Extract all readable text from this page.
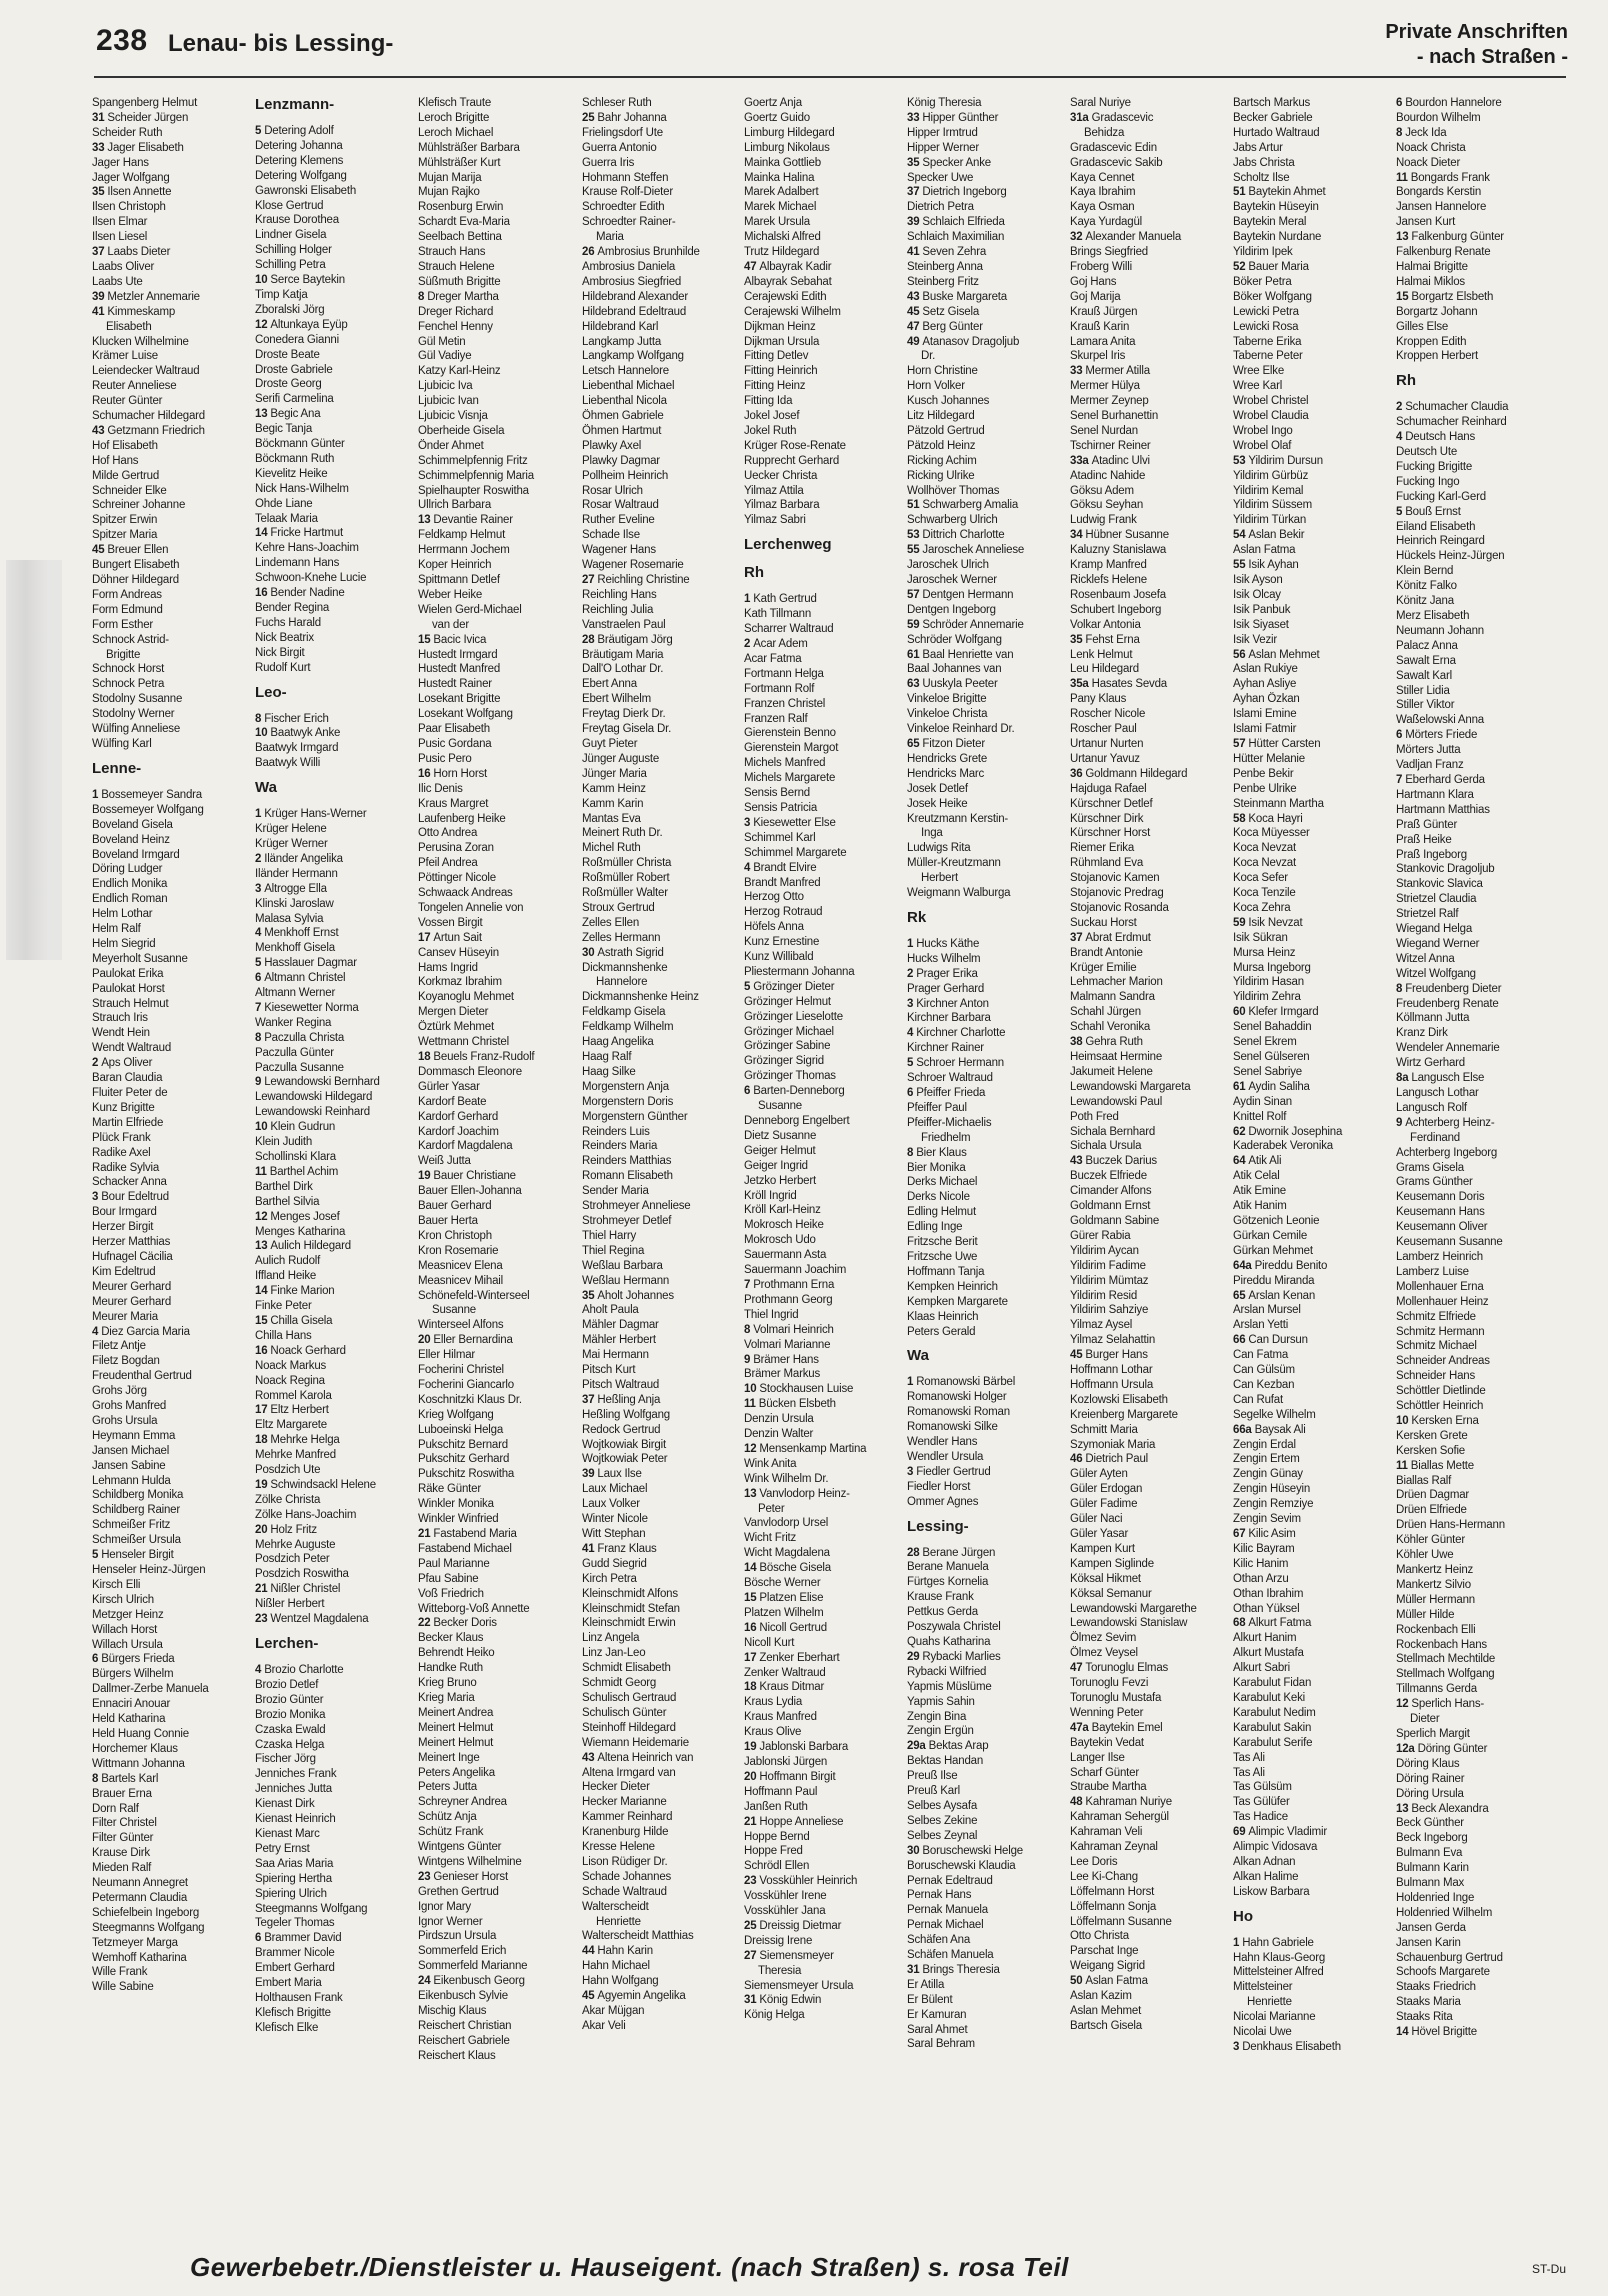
238 Lenau- bis Lessing-	Private Anschriften
- nach Straßen -
Spangenberg Helmut
31 Scheider Jürgen
Scheider Ruth
33 Jager Elisabeth
Jager Hans
Jager Wolfgang
35 Ilsen Annette
Ilsen Christoph
Ilsen Elmar
Ilsen Liesel
37 Laabs Dieter
Laabs Oliver
Laabs Ute
39 Metzler Annemarie
41 Kimmeskamp
Elisabeth
Klucken Wilhelmine
Krämer Luise
Leiendecker Waltraud
Reuter Anneliese
Reuter Günter
Schumacher Hildegard
43 Getzmann Friedrich
Hof Elisabeth
Hof Hans
Milde Gertrud
Schneider Elke
Schreiner Johanne
Spitzer Erwin
Spitzer Maria
45 Breuer Ellen
Bungert Elisabeth
Döhner Hildegard
Form Andreas
Form Edmund
Form Esther
Schnock Astrid-
Brigitte
Schnock Horst
Schnock Petra
Stodolny Susanne
Stodolny Werner
Wülfing Anneliese
Wülfing Karl
Lenne-
1 Bossemeyer Sandra
Bossemeyer Wolfgang
Boveland Gisela
Boveland Heinz
Boveland Irmgard
Döring Ludger
Endlich Monika
Endlich Roman
Helm Lothar
Helm Ralf
Helm Siegrid
Meyerholt Susanne
Paulokat Erika
Paulokat Horst
Strauch Helmut
Strauch Iris
Wendt Hein
Wendt Waltraud
2 Aps Oliver
Baran Claudia
Fluiter Peter de
Kunz Brigitte
Martin Elfriede
Plück Frank
Radike Axel
Radike Sylvia
Schacker Anna
3 Bour Edeltrud
Bour Irmgard
Herzer Birgit
Herzer Matthias
Hufnagel Cäcilia
Kim Edeltrud
Meurer Gerhard
Meurer Gerhard
Meurer Maria
4 Diez Garcia Maria
Filetz Antje
Filetz Bogdan
Freudenthal Gertrud
Grohs Jörg
Grohs Manfred
Grohs Ursula
Heymann Emma
Jansen Michael
Jansen Sabine
Lehmann Hulda
Schildberg Monika
Schildberg Rainer
Schmeißer Fritz
Schmeißer Ursula
5 Henseler Birgit
Henseler Heinz-Jürgen
Kirsch Elli
Kirsch Ulrich
Metzger Heinz
Willach Horst
Willach Ursula
6 Bürgers Frieda
Bürgers Wilhelm
Dallmer-Zerbe Manuela
Ennaciri Anouar
Held Katharina
Held Huang Connie
Horchemer Klaus
Wittmann Johanna
8 Bartels Karl
Brauer Erna
Dorn Ralf
Filter Christel
Filter Günter
Krause Dirk
Mieden Ralf
Neumann Annegret
Petermann Claudia
Schiefelbein Ingeborg
Steegmanns Wolfgang
Tetzmeyer Marga
Wemhoff Katharina
Wille Frank
Wille Sabine
Lenzmann-
5 Detering Adolf
Detering Johanna
Detering Klemens
Detering Wolfgang
Gawronski Elisabeth
Klose Gertrud
Krause Dorothea
Lindner Gisela
Schilling Holger
Schilling Petra
10 Serce Baytekin
Timp Katja
Zboralski Jörg
12 Altunkaya Eyüp
Conedera Gianni
Droste Beate
Droste Gabriele
Droste Georg
Serifi Carmelina
13 Begic Ana
Begic Tanja
Böckmann Günter
Böckmann Ruth
Kievelitz Heike
Nick Hans-Wilhelm
Ohde Liane
Telaak Maria
14 Fricke Hartmut
Kehre Hans-Joachim
Lindemann Hans
Schwoon-Knehe Lucie
16 Bender Nadine
Bender Regina
Fuchs Harald
Nick Beatrix
Nick Birgit
Rudolf Kurt
Leo-
8 Fischer Erich
10 Baatwyk Anke
Baatwyk Irmgard
Baatwyk Willi
Wa
1 Krüger Hans-Werner
Krüger Helene
Krüger Werner
2 Iländer Angelika
Iländer Hermann
3 Altrogge Ella
Klinski Jaroslaw
Malasa Sylvia
4 Menkhoff Ernst
Menkhoff Gisela
5 Hasslauer Dagmar
6 Altmann Christel
Altmann Werner
7 Kiesewetter Norma
Wanker Regina
8 Paczulla Christa
Paczulla Günter
Paczulla Susanne
9 Lewandowski Bernhard
Lewandowski Hildegard
Lewandowski Reinhard
10 Klein Gudrun
Klein Judith
Schollinski Klara
11 Barthel Achim
Barthel Dirk
Barthel Silvia
12 Menges Josef
Menges Katharina
13 Aulich Hildegard
Aulich Rudolf
Iffland Heike
14 Finke Marion
Finke Peter
15 Chilla Gisela
Chilla Hans
16 Noack Gerhard
Noack Markus
Noack Regina
Rommel Karola
17 Eltz Herbert
Eltz Margarete
18 Mehrke Helga
Mehrke Manfred
Posdzich Ute
19 Schwindsackl Helene
Zölke Christa
Zölke Hans-Joachim
20 Holz Fritz
Mehrke Auguste
Posdzich Peter
Posdzich Roswitha
21 Nißler Christel
Nißler Herbert
23 Wentzel Magdalena
Lerchen-
4 Brozio Charlotte
Brozio Detlef
Brozio Günter
Brozio Monika
Czaska Ewald
Czaska Helga
Fischer Jörg
Jenniches Frank
Jenniches Jutta
Kienast Dirk
Kienast Heinrich
Kienast Marc
Petry Ernst
Saa Arias Maria
Spiering Hertha
Spiering Ulrich
Steegmanns Wolfgang
Tegeler Thomas
6 Brammer David
Brammer Nicole
Embert Gerhard
Embert Maria
Holthausen Frank
Klefisch Brigitte
Klefisch Elke
Klefisch Traute
Leroch Brigitte
Leroch Michael
Mühlsträßer Barbara
Mühlsträßer Kurt
Mujan Marija
Mujan Rajko
Rosenburg Erwin
Schardt Eva-Maria
Seelbach Bettina
Strauch Hans
Strauch Helene
Süßmuth Brigitte
8 Dreger Martha
Dreger Richard
Fenchel Henny
Gül Metin
Gül Vadiye
Katzy Karl-Heinz
Ljubicic Iva
Ljubicic Ivan
Ljubicic Visnja
Oberheide Gisela
Önder Ahmet
Schimmelpfennig Fritz
Schimmelpfennig Maria
Spielhaupter Roswitha
Ullrich Barbara
13 Devantie Rainer
Feldkamp Helmut
Herrmann Jochem
Koper Heinrich
Spittmann Detlef
Weber Heike
Wielen Gerd-Michael
van der
15 Bacic Ivica
Hustedt Irmgard
Hustedt Manfred
Hustedt Rainer
Losekant Brigitte
Losekant Wolfgang
Paar Elisabeth
Pusic Gordana
Pusic Pero
16 Horn Horst
Ilic Denis
Kraus Margret
Laufenberg Heike
Otto Andrea
Perusina Zoran
Pfeil Andrea
Pöttinger Nicole
Schwaack Andreas
Tongelen Annelie von
Vossen Birgit
17 Artun Sait
Cansev Hüseyin
Hams Ingrid
Korkmaz Ibrahim
Koyanoglu Mehmet
Mergen Dieter
Öztürk Mehmet
Wettmann Christel
18 Beuels Franz-Rudolf
Dommasch Eleonore
Gürler Yasar
Kardorf Beate
Kardorf Gerhard
Kardorf Joachim
Kardorf Magdalena
Weiß Jutta
19 Bauer Christiane
Bauer Ellen-Johanna
Bauer Gerhard
Bauer Herta
Kron Christoph
Kron Rosemarie
Measnicev Elena
Measnicev Mihail
Schönefeld-Winterseel
Susanne
Winterseel Alfons
20 Eller Bernardina
Eller Hilmar
Focherini Christel
Focherini Giancarlo
Koschnitzki Klaus Dr.
Krieg Wolfgang
Luboeinski Helga
Pukschitz Bernard
Pukschitz Gerhard
Pukschitz Roswitha
Räke Günter
Winkler Monika
Winkler Winfried
21 Fastabend Maria
Fastabend Michael
Paul Marianne
Pfau Sabine
Voß Friedrich
Witteborg-Voß Annette
22 Becker Doris
Becker Klaus
Behrendt Heiko
Handke Ruth
Krieg Bruno
Krieg Maria
Meinert Andrea
Meinert Helmut
Meinert Helmut
Meinert Inge
Peters Angelika
Peters Jutta
Schreyner Andrea
Schütz Anja
Schütz Frank
Wintgens Günter
Wintgens Wilhelmine
23 Genieser Horst
Grethen Gertrud
Ignor Mary
Ignor Werner
Pirdszun Ursula
Sommerfeld Erich
Sommerfeld Marianne
24 Eikenbusch Georg
Eikenbusch Sylvie
Mischig Klaus
Reischert Christian
Reischert Gabriele
Reischert Klaus
Schleser Ruth
25 Bahr Johanna
Frielingsdorf Ute
Guerra Antonio
Guerra Iris
Hohmann Steffen
Krause Rolf-Dieter
Schroedter Edith
Schroedter Rainer-
Maria
26 Ambrosius Brunhilde
Ambrosius Daniela
Ambrosius Siegfried
Hildebrand Alexander
Hildebrand Edeltraud
Hildebrand Karl
Langkamp Jutta
Langkamp Wolfgang
Letsch Hannelore
Liebenthal Michael
Liebenthal Nicola
Öhmen Gabriele
Öhmen Hartmut
Plawky Axel
Plawky Dagmar
Pollheim Heinrich
Rosar Ulrich
Rosar Waltraud
Ruther Eveline
Schade Ilse
Wagener Hans
Wagener Rosemarie
27 Reichling Christine
Reichling Hans
Reichling Julia
Vanstraelen Paul
28 Bräutigam Jörg
Bräutigam Maria
Dall'O Lothar Dr.
Ebert Anna
Ebert Wilhelm
Freytag Dierk Dr.
Freytag Gisela Dr.
Guyt Pieter
Jünger Auguste
Jünger Maria
Kamm Heinz
Kamm Karin
Mantas Eva
Meinert Ruth Dr.
Michel Ruth
Roßmüller Christa
Roßmüller Robert
Roßmüller Walter
Stroux Gertrud
Zelles Ellen
Zelles Hermann
30 Astrath Sigrid
Dickmannshenke
Hannelore
Dickmannshenke Heinz
Feldkamp Gisela
Feldkamp Wilhelm
Haag Angelika
Haag Ralf
Haag Silke
Morgenstern Anja
Morgenstern Doris
Morgenstern Günther
Reinders Luis
Reinders Maria
Reinders Matthias
Romann Elisabeth
Sender Maria
Strohmeyer Anneliese
Strohmeyer Detlef
Thiel Harry
Thiel Regina
Weßlau Barbara
Weßlau Hermann
35 Aholt Johannes
Aholt Paula
Mähler Dagmar
Mähler Herbert
Mai Hermann
Pitsch Kurt
Pitsch Waltraud
37 Heßling Anja
Heßling Wolfgang
Redock Gertrud
Wojtkowiak Birgit
Wojtkowiak Peter
39 Laux Ilse
Laux Michael
Laux Volker
Winter Nicole
Witt Stephan
41 Franz Klaus
Gudd Siegrid
Kirch Petra
Kleinschmidt Alfons
Kleinschmidt Stefan
Kleinschmidt Erwin
Linz Angela
Linz Jan-Leo
Schmidt Elisabeth
Schmidt Georg
Schulisch Gertraud
Schulisch Günter
Steinhoff Hildegard
Wiemann Heidemarie
43 Altena Heinrich van
Altena Irmgard van
Hecker Dieter
Hecker Marianne
Kammer Reinhard
Kranenburg Hilde
Kresse Helene
Lison Rüdiger Dr.
Schade Johannes
Schade Waltraud
Walterscheidt
Henriette
Walterscheidt Matthias
44 Hahn Karin
Hahn Michael
Hahn Wolfgang
45 Agyemin Angelika
Akar Müjgan
Akar Veli
Goertz Anja
Goertz Guido
Limburg Hildegard
Limburg Nikolaus
Mainka Gottlieb
Mainka Halina
Marek Adalbert
Marek Michael
Marek Ursula
Michalski Alfred
Trutz Hildegard
47 Albayrak Kadir
Albayrak Sebahat
Cerajewski Edith
Cerajewski Wilhelm
Dijkman Heinz
Dijkman Ursula
Fitting Detlev
Fitting Heinrich
Fitting Heinz
Fitting Ida
Jokel Josef
Jokel Ruth
Krüger Rose-Renate
Rupprecht Gerhard
Uecker Christa
Yilmaz Attila
Yilmaz Barbara
Yilmaz Sabri
Lerchenweg
Rh
1 Kath Gertrud
Kath Tillmann
Scharrer Waltraud
2 Acar Adem
Acar Fatma
Fortmann Helga
Fortmann Rolf
Franzen Christel
Franzen Ralf
Gierenstein Benno
Gierenstein Margot
Michels Manfred
Michels Margarete
Sensis Bernd
Sensis Patricia
3 Kiesewetter Else
Schimmel Karl
Schimmel Margarete
4 Brandt Elvire
Brandt Manfred
Herzog Otto
Herzog Rotraud
Höfels Anna
Kunz Ernestine
Kunz Willibald
Pliestermann Johanna
5 Grözinger Dieter
Grözinger Helmut
Grözinger Lieselotte
Grözinger Michael
Grözinger Sabine
Grözinger Sigrid
Grözinger Thomas
6 Barten-Denneborg
Susanne
Denneborg Engelbert
Dietz Susanne
Geiger Helmut
Geiger Ingrid
Jetzko Herbert
Kröll Ingrid
Kröll Karl-Heinz
Mokrosch Heike
Mokrosch Udo
Sauermann Asta
Sauermann Joachim
7 Prothmann Erna
Prothmann Georg
Thiel Ingrid
8 Volmari Heinrich
Volmari Marianne
9 Brämer Hans
Brämer Markus
10 Stockhausen Luise
11 Bücken Elsbeth
Denzin Ursula
Denzin Walter
12 Mensenkamp Martina
Wink Anita
Wink Wilhelm Dr.
13 Vanvlodorp Heinz-
Peter
Vanvlodorp Ursel
Wicht Fritz
Wicht Magdalena
14 Bösche Gisela
Bösche Werner
15 Platzen Elise
Platzen Wilhelm
16 Nicoll Gertrud
Nicoll Kurt
17 Zenker Eberhart
Zenker Waltraud
18 Kraus Ditmar
Kraus Lydia
Kraus Manfred
Kraus Olive
19 Jablonski Barbara
Jablonski Jürgen
20 Hoffmann Birgit
Hoffmann Paul
Janßen Ruth
21 Hoppe Anneliese
Hoppe Bernd
Hoppe Fred
Schrödl Ellen
23 Vosskühler Heinrich
Vosskühler Irene
Vosskühler Jana
25 Dreissig Dietmar
Dreissig Irene
27 Siemensmeyer
Theresia
Siemensmeyer Ursula
31 König Edwin
König Helga
König Theresia
33 Hipper Günther
Hipper Irmtrud
Hipper Werner
35 Specker Anke
Specker Uwe
37 Dietrich Ingeborg
Dietrich Petra
39 Schlaich Elfrieda
Schlaich Maximilian
41 Seven Zehra
Steinberg Anna
Steinberg Fritz
43 Buske Margareta
45 Setz Gisela
47 Berg Günter
49 Atanasov Dragoljub
Dr.
Horn Christine
Horn Volker
Kusch Johannes
Litz Hildegard
Pätzold Gertrud
Pätzold Heinz
Ricking Achim
Ricking Ulrike
Wollhöver Thomas
51 Schwarberg Amalia
Schwarberg Ulrich
53 Dittrich Charlotte
55 Jaroschek Anneliese
Jaroschek Ulrich
Jaroschek Werner
57 Dentgen Hermann
Dentgen Ingeborg
59 Schröder Annemarie
Schröder Wolfgang
61 Baal Henriette van
Baal Johannes van
63 Uuskyla Peeter
Vinkeloe Brigitte
Vinkeloe Christa
Vinkeloe Reinhard Dr.
65 Fitzon Dieter
Hendricks Grete
Hendricks Marc
Josek Detlef
Josek Heike
Kreutzmann Kerstin-
Inga
Ludwigs Rita
Müller-Kreutzmann
Herbert
Weigmann Walburga
Rk
1 Hucks Käthe
Hucks Wilhelm
2 Prager Erika
Prager Gerhard
3 Kirchner Anton
Kirchner Barbara
4 Kirchner Charlotte
Kirchner Rainer
5 Schroer Hermann
Schroer Waltraud
6 Pfeiffer Frieda
Pfeiffer Paul
Pfeiffer-Michaelis
Friedhelm
8 Bier Klaus
Bier Monika
Derks Michael
Derks Nicole
Edling Helmut
Edling Inge
Fritzsche Berit
Fritzsche Uwe
Hoffmann Tanja
Kempken Heinrich
Kempken Margarete
Klaas Heinrich
Peters Gerald
Wa
1 Romanowski Bärbel
Romanowski Holger
Romanowski Roman
Romanowski Silke
Wendler Hans
Wendler Ursula
3 Fiedler Gertrud
Fiedler Horst
Ommer Agnes
Lessing-
28 Berane Jürgen
Berane Manuela
Fürtges Kornelia
Krause Frank
Pettkus Gerda
Poszywala Christel
Quahs Katharina
29 Rybacki Marlies
Rybacki Wilfried
Yapmis Müslüme
Yapmis Sahin
Zengin Bina
Zengin Ergün
29a Bektas Arap
Bektas Handan
Preuß Ilse
Preuß Karl
Selbes Aysafa
Selbes Zekine
Selbes Zeynal
30 Boruschewski Helge
Boruschewski Klaudia
Pernak Edeltraud
Pernak Hans
Pernak Manuela
Pernak Michael
Schäfen Ana
Schäfen Manuela
31 Brings Theresia
Er Atilla
Er Bülent
Er Kamuran
Saral Ahmet
Saral Behram
Saral Nuriye
31a Gradascevic
Behidza
Gradascevic Edin
Gradascevic Sakib
Kaya Cennet
Kaya Ibrahim
Kaya Osman
Kaya Yurdagül
32 Alexander Manuela
Brings Siegfried
Froberg Willi
Goj Hans
Goj Marija
Krauß Jürgen
Krauß Karin
Lamara Anita
Skurpel Iris
33 Mermer Atilla
Mermer Hülya
Mermer Zeynep
Senel Burhanettin
Senel Nurdan
Tschirner Reiner
33a Atadinc Ulvi
Atadinc Nahide
Göksu Adem
Göksu Seyhan
Ludwig Frank
34 Hübner Susanne
Kaluzny Stanislawa
Kramp Manfred
Ricklefs Helene
Rosenbaum Josefa
Schubert Ingeborg
Volkar Antonia
35 Fehst Erna
Lenk Helmut
Leu Hildegard
35a Hasates Sevda
Pany Klaus
Roscher Nicole
Roscher Paul
Urtanur Nurten
Urtanur Yavuz
36 Goldmann Hildegard
Hajduga Rafael
Kürschner Detlef
Kürschner Dirk
Kürschner Horst
Riemer Erika
Rühmland Eva
Stojanovic Kamen
Stojanovic Predrag
Stojanovic Rosanda
Suckau Horst
37 Abrat Erdmut
Brandt Antonie
Krüger Emilie
Lehmacher Marion
Malmann Sandra
Schahl Jürgen
Schahl Veronika
38 Gehra Ruth
Heimsaat Hermine
Jakumeit Helene
Lewandowski Margareta
Lewandowski Paul
Poth Fred
Sichala Bernhard
Sichala Ursula
43 Buczek Darius
Buczek Elfriede
Cimander Alfons
Goldmann Ernst
Goldmann Sabine
Gürer Rabia
Yildirim Aycan
Yildirim Fadime
Yildirim Mümtaz
Yildirim Resid
Yildirim Sahziye
Yilmaz Aysel
Yilmaz Selahattin
45 Burger Hans
Hoffmann Lothar
Hoffmann Ursula
Kozlowski Elisabeth
Kreienberg Margarete
Schmitt Maria
Szymoniak Maria
46 Dietrich Paul
Güler Ayten
Güler Erdogan
Güler Fadime
Güler Naci
Güler Yasar
Kampen Kurt
Kampen Siglinde
Köksal Hikmet
Köksal Semanur
Lewandowski Margarethe
Lewandowski Stanislaw
Ölmez Sevim
Ölmez Veysel
47 Torunoglu Elmas
Torunoglu Fevzi
Torunoglu Mustafa
Wenning Peter
47a Baytekin Emel
Baytekin Vedat
Langer Ilse
Scharf Günter
Straube Martha
48 Kahraman Nuriye
Kahraman Sehergül
Kahraman Veli
Kahraman Zeynal
Lee Doris
Lee Ki-Chang
Löffelmann Horst
Löffelmann Sonja
Löffelmann Susanne
Otto Christa
Parschat Inge
Weigang Sigrid
50 Aslan Fatma
Aslan Kazim
Aslan Mehmet
Bartsch Gisela
Bartsch Markus
Becker Gabriele
Hurtado Waltraud
Jabs Artur
Jabs Christa
Scholtz Ilse
51 Baytekin Ahmet
Baytekin Hüseyin
Baytekin Meral
Baytekin Nurdane
Yildirim Ipek
52 Bauer Maria
Böker Petra
Böker Wolfgang
Lewicki Petra
Lewicki Rosa
Taberne Erika
Taberne Peter
Wree Elke
Wree Karl
Wrobel Christel
Wrobel Claudia
Wrobel Ingo
Wrobel Olaf
53 Yildirim Dursun
Yildirim Gürbüz
Yildirim Kemal
Yildirim Süssem
Yildirim Türkan
54 Aslan Bekir
Aslan Fatma
55 Isik Ayhan
Isik Ayson
Isik Olcay
Isik Panbuk
Isik Siyaset
Isik Vezir
56 Aslan Mehmet
Aslan Rukiye
Ayhan Asliye
Ayhan Özkan
Islami Emine
Islami Fatmir
57 Hütter Carsten
Hütter Melanie
Penbe Bekir
Penbe Ulrike
Steinmann Martha
58 Koca Hayri
Koca Müyesser
Koca Nevzat
Koca Nevzat
Koca Sefer
Koca Tenzile
Koca Zehra
59 Isik Nevzat
Isik Sükran
Mursa Heinz
Mursa Ingeborg
Yildirim Hasan
Yildirim Zehra
60 Klefer Irmgard
Senel Bahaddin
Senel Ekrem
Senel Gülseren
Senel Sabriye
61 Aydin Saliha
Aydin Sinan
Knittel Rolf
62 Dwornik Josephina
Kaderabek Veronika
64 Atik Ali
Atik Celal
Atik Emine
Atik Hanim
Götzenich Leonie
Gürkan Cemile
Gürkan Mehmet
64a Pireddu Benito
Pireddu Miranda
65 Arslan Kenan
Arslan Mursel
Arslan Yetti
66 Can Dursun
Can Fatma
Can Gülsüm
Can Kezban
Can Rufat
Segelke Wilhelm
66a Baysak Ali
Zengin Erdal
Zengin Ertem
Zengin Günay
Zengin Hüseyin
Zengin Remziye
Zengin Sevim
67 Kilic Asim
Kilic Bayram
Kilic Hanim
Othan Arzu
Othan Ibrahim
Othan Yüksel
68 Alkurt Fatma
Alkurt Hanim
Alkurt Mustafa
Alkurt Sabri
Karabulut Fidan
Karabulut Keki
Karabulut Nedim
Karabulut Sakin
Karabulut Serife
Tas Ali
Tas Ali
Tas Gülsüm
Tas Gülüfer
Tas Hadice
69 Alimpic Vladimir
Alimpic Vidosava
Alkan Adnan
Alkan Halime
Liskow Barbara
Ho
1 Hahn Gabriele
Hahn Klaus-Georg
Mittelsteiner Alfred
Mittelsteiner
Henriette
Nicolai Marianne
Nicolai Uwe
3 Denkhaus Elisabeth
6 Bourdon Hannelore
Bourdon Wilhelm
8 Jeck Ida
Noack Christa
Noack Dieter
11 Bongards Frank
Bongards Kerstin
Jansen Hannelore
Jansen Kurt
13 Falkenburg Günter
Falkenburg Renate
Halmai Brigitte
Halmai Miklos
15 Borgartz Elsbeth
Borgartz Johann
Gilles Else
Kroppen Edith
Kroppen Herbert
Rh
2 Schumacher Claudia
Schumacher Reinhard
4 Deutsch Hans
Deutsch Ute
Fucking Brigitte
Fucking Ingo
Fucking Karl-Gerd
5 Bouß Ernst
Eiland Elisabeth
Heinrich Reingard
Hückels Heinz-Jürgen
Klein Bernd
Könitz Falko
Könitz Jana
Merz Elisabeth
Neumann Johann
Palacz Anna
Sawalt Erna
Sawalt Karl
Stiller Lidia
Stiller Viktor
Waßelowski Anna
6 Mörters Friede
Mörters Jutta
Vadljan Franz
7 Eberhard Gerda
Hartmann Klara
Hartmann Matthias
Praß Günter
Praß Heike
Praß Ingeborg
Stankovic Dragoljub
Stankovic Slavica
Strietzel Claudia
Strietzel Ralf
Wiegand Helga
Wiegand Werner
Witzel Anna
Witzel Wolfgang
8 Freudenberg Dieter
Freudenberg Renate
Köllmann Jutta
Kranz Dirk
Wendeler Annemarie
Wirtz Gerhard
8a Langusch Else
Langusch Lothar
Langusch Rolf
9 Achterberg Heinz-
Ferdinand
Achterberg Ingeborg
Grams Gisela
Grams Günther
Keusemann Doris
Keusemann Hans
Keusemann Oliver
Keusemann Susanne
Lamberz Heinrich
Lamberz Luise
Mollenhauer Erna
Mollenhauer Heinz
Schmitz Elfriede
Schmitz Hermann
Schmitz Michael
Schneider Andreas
Schneider Hans
Schöttler Dietlinde
Schöttler Heinrich
10 Kersken Erna
Kersken Grete
Kersken Sofie
11 Biallas Mette
Biallas Ralf
Drüen Dagmar
Drüen Elfriede
Drüen Hans-Hermann
Köhler Günter
Köhler Uwe
Mankertz Heinz
Mankertz Silvio
Müller Hermann
Müller Hilde
Rockenbach Elli
Rockenbach Hans
Stellmach Mechtilde
Stellmach Wolfgang
Tillmanns Gerda
12 Sperlich Hans-
Dieter
Sperlich Margit
12a Döring Günter
Döring Klaus
Döring Rainer
Döring Ursula
13 Beck Alexandra
Beck Günther
Beck Ingeborg
Bulmann Eva
Bulmann Karin
Bulmann Max
Holdenried Inge
Holdenried Wilhelm
Jansen Gerda
Jansen Karin
Schauenburg Gertrud
Schoofs Margarete
Staaks Friedrich
Staaks Maria
Staaks Rita
14 Hövel Brigitte
Gewerbebetr./Dienstleister u. Hauseigent. (nach Straßen) s. rosa Teil	ST-Du
